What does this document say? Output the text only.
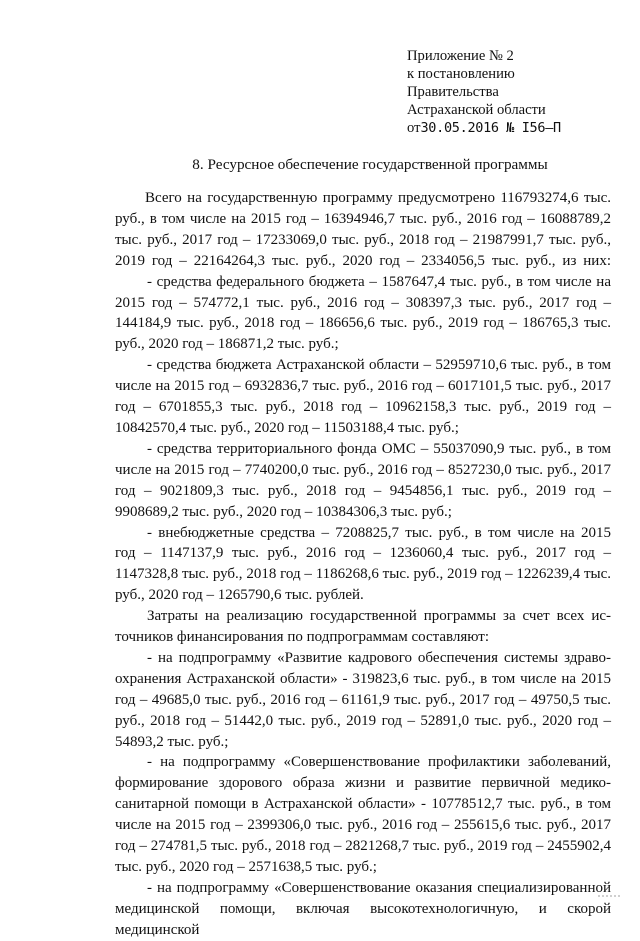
Приложение № 2
к постановлению
Правительства
Астраханской области
от30.05.2016 № I56–П
8. Ресурсное обеспечение государственной программы

Всего на государственную программу предусмотрено 116793274,6 тыс.

руб., в том числе на 2015 год – 16394946,7 тыс. руб., 2016 год – 16088789,2

тыс. руб., 2017 год – 17233069,0 тыс. руб., 2018 год – 21987991,7 тыс. руб.,

2019 год – 22164264,3 тыс. руб., 2020 год – 2334056,5 тыс. руб., из них:

- средства федерального бюджета – 1587647,4 тыс. руб., в том числе на

2015 год – 574772,1 тыс. руб., 2016 год – 308397,3 тыс. руб., 2017 год –

144184,9 тыс. руб., 2018 год – 186656,6 тыс. руб., 2019 год – 186765,3 тыс.

руб., 2020 год – 186871,2 тыс. руб.;

- средства бюджета Астраханской области – 52959710,6 тыс. руб., в том

числе на 2015 год – 6932836,7 тыс. руб., 2016 год – 6017101,5 тыс. руб., 2017

год – 6701855,3 тыс. руб., 2018 год – 10962158,3 тыс. руб., 2019 год –

10842570,4 тыс. руб., 2020 год – 11503188,4 тыс. руб.;

- средства территориального фонда ОМС – 55037090,9 тыс. руб., в том

числе на 2015 год – 7740200,0 тыс. руб., 2016 год – 8527230,0 тыс. руб., 2017

год – 9021809,3 тыс. руб., 2018 год – 9454856,1 тыс. руб., 2019 год –

9908689,2 тыс. руб., 2020 год – 10384306,3 тыс. руб.;

- внебюджетные средства – 7208825,7 тыс. руб., в том числе на 2015

год – 1147137,9 тыс. руб., 2016 год – 1236060,4 тыс. руб., 2017 год –

1147328,8 тыс. руб., 2018 год – 1186268,6 тыс. руб., 2019 год – 1226239,4 тыс.

руб., 2020 год – 1265790,6 тыс. рублей.

Затраты на реализацию государственной программы за счет всех ис-

точников финансирования по подпрограммам составляют:

- на подпрограмму «Развитие кадрового обеспечения системы здраво-

охранения Астраханской области» - 319823,6 тыс. руб., в том числе на 2015

год – 49685,0 тыс. руб., 2016 год – 61161,9 тыс. руб., 2017 год – 49750,5 тыс.

руб., 2018 год – 51442,0 тыс. руб., 2019 год – 52891,0 тыс. руб., 2020 год –

54893,2 тыс. руб.;

- на подпрограмму «Совершенствование профилактики заболеваний,

формирование здорового образа жизни и развитие первичной медико-

санитарной помощи в Астраханской области» - 10778512,7 тыс. руб., в том

числе на 2015 год – 2399306,0 тыс. руб., 2016 год – 255615,6 тыс. руб., 2017

год – 274781,5 тыс. руб., 2018 год – 2821268,7 тыс. руб., 2019 год – 2455902,4

тыс. руб., 2020 год – 2571638,5 тыс. руб.;

- на подпрограмму «Совершенствование оказания специализированной

медицинской помощи, включая высокотехнологичную, и скорой медицинской
